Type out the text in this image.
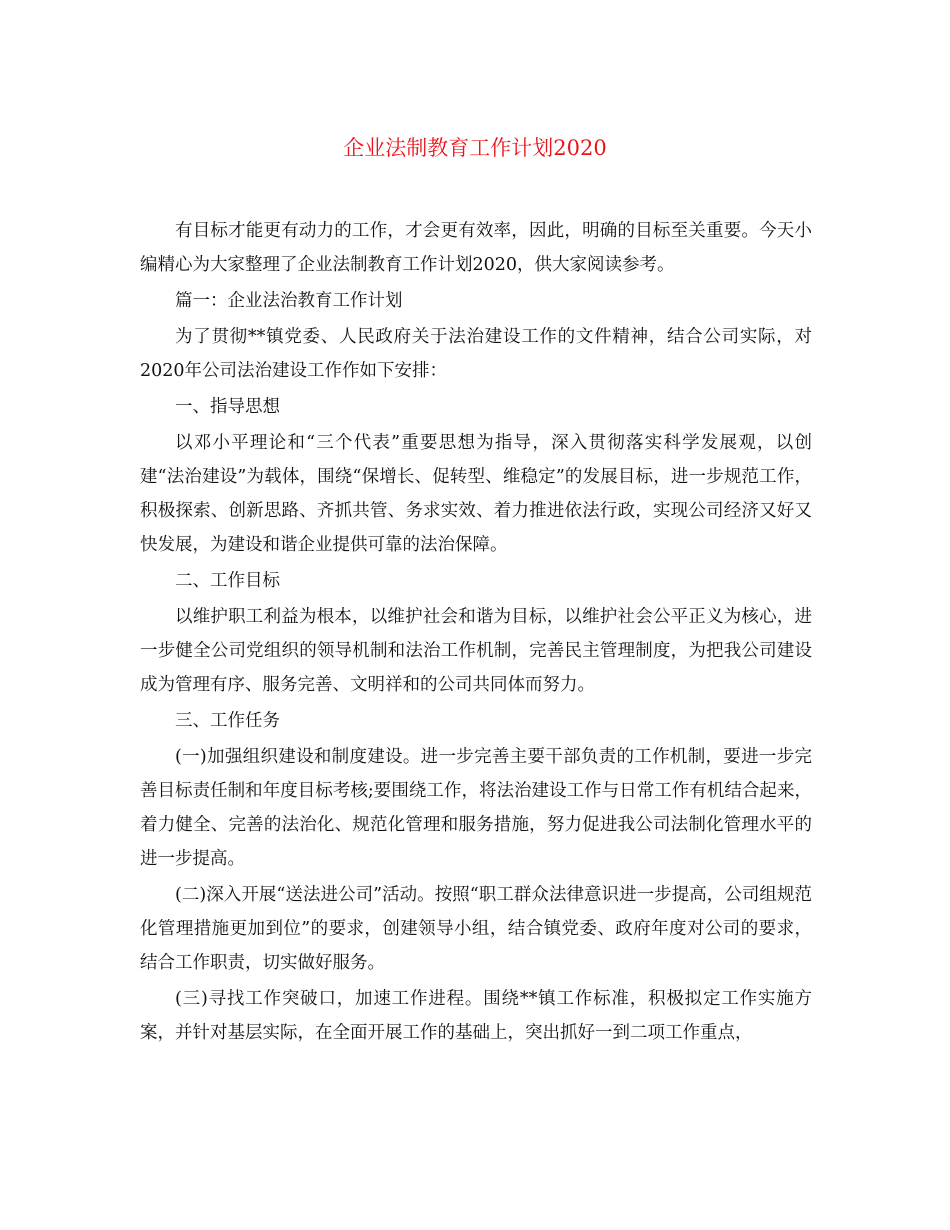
企业法制教育工作计划2020

有目标才能更有动力的工作，才会更有效率，因此，明确的目标至关重要。今天小编精心为大家整理了企业法制教育工作计划2020，供大家阅读参考。

篇一：企业法治教育工作计划

为了贯彻**镇党委、人民政府关于法治建设工作的文件精神，结合公司实际，对2020年公司法治建设工作作如下安排：

一、指导思想

以邓小平理论和“三个代表”重要思想为指导，深入贯彻落实科学发展观，以创建“法治建设”为载体，围绕“保增长、促转型、维稳定”的发展目标，进一步规范工作，积极探索、创新思路、齐抓共管、务求实效、着力推进依法行政，实现公司经济又好又快发展，为建设和谐企业提供可靠的法治保障。

二、工作目标

以维护职工利益为根本，以维护社会和谐为目标，以维护社会公平正义为核心，进一步健全公司党组织的领导机制和法治工作机制，完善民主管理制度，为把我公司建设成为管理有序、服务完善、文明祥和的公司共同体而努力。

三、工作任务

(一)加强组织建设和制度建设。进一步完善主要干部负责的工作机制，要进一步完善目标责任制和年度目标考核;要围绕工作，将法治建设工作与日常工作有机结合起来，着力健全、完善的法治化、规范化管理和服务措施，努力促进我公司法制化管理水平的进一步提高。

(二)深入开展“送法进公司”活动。按照“职工群众法律意识进一步提高，公司组规范化管理措施更加到位”的要求，创建领导小组，结合镇党委、政府年度对公司的要求，结合工作职责，切实做好服务。

(三)寻找工作突破口，加速工作进程。围绕**镇工作标准，积极拟定工作实施方案，并针对基层实际，在全面开展工作的基础上，突出抓好一到二项工作重点，
